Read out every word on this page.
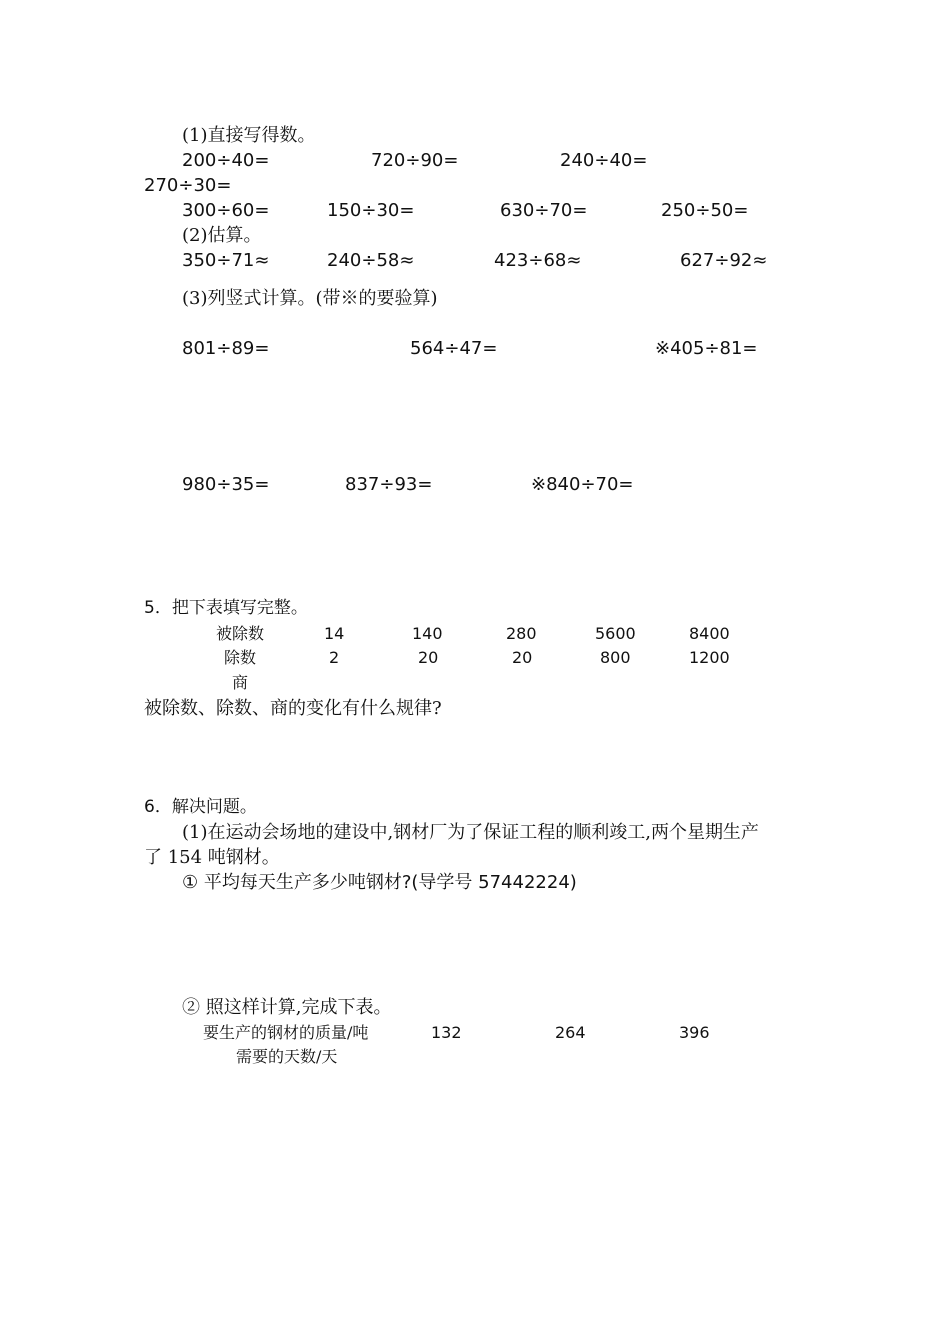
(1)直接写得数。
200÷40=	720÷90=	240÷40=
270÷30=
300÷60=	150÷30=	630÷70=	250÷50=
(2)估算。
350÷71≈	240÷58≈	423÷68≈	627÷92≈
(3)列竖式计算。(带※的要验算)
801÷89=	564÷47=	※405÷81=
980÷35=	837÷93=	※840÷70=
5．把下表填写完整。
被除数	14	140	280	5600	8400
除数	2	20	20	800	1200
商
被除数、除数、商的变化有什么规律?
6．解决问题。
(1)在运动会场地的建设中,钢材厂为了保证工程的顺利竣工,两个星期生产
了 154 吨钢材。
① 平均每天生产多少吨钢材?(导学号 57442224)
② 照这样计算,完成下表。
要生产的钢材的质量/吨	132	264	396
需要的天数/天
